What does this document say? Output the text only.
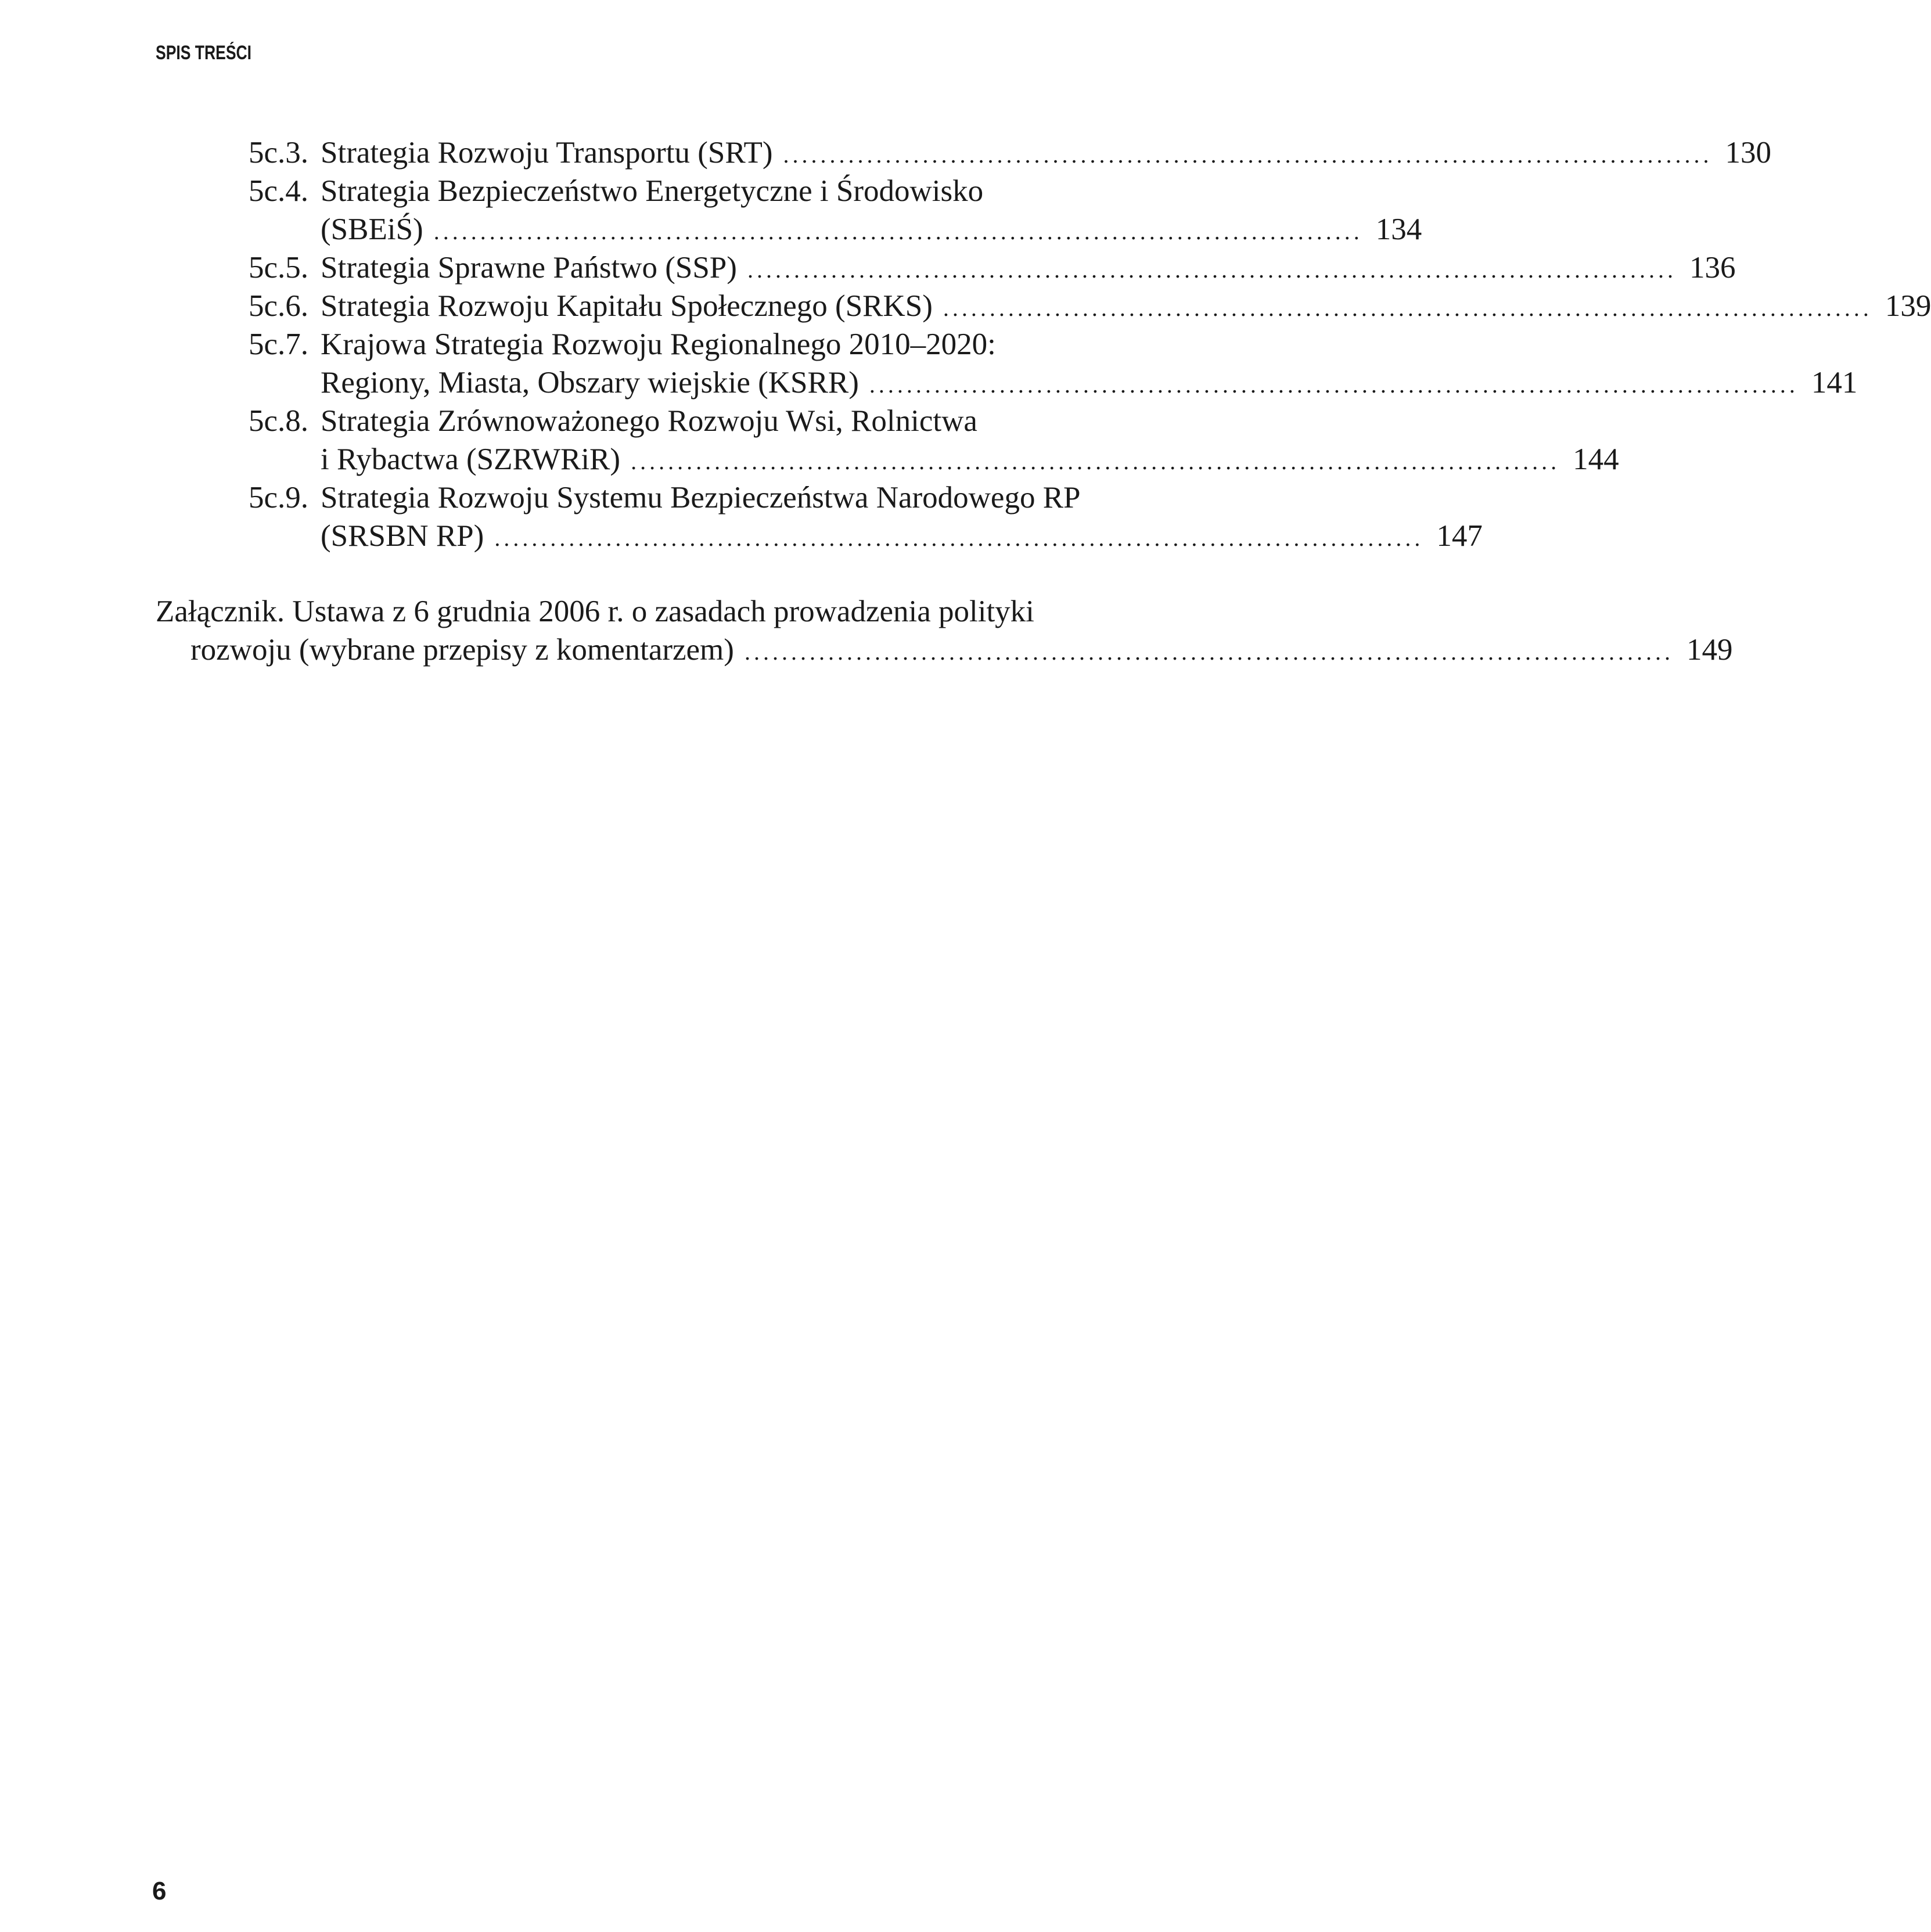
SPIS TREŚCI
5c.3. Strategia Rozwoju Transportu (SRT) .................................................................................................... 130
5c.4. Strategia Bezpieczeństwo Energetyczne i Środowisko
(SBEiŚ) .................................................................................................... 134
5c.5. Strategia Sprawne Państwo (SSP) .................................................................................................... 136
5c.6. Strategia Rozwoju Kapitału Społecznego (SRKS) .................................................................................................... 139
5c.7. Krajowa Strategia Rozwoju Regionalnego 2010–2020:
Regiony, Miasta, Obszary wiejskie (KSRR) .................................................................................................... 141
5c.8. Strategia Zrównoważonego Rozwoju Wsi, Rolnictwa
i Rybactwa (SZRWRiR) .................................................................................................... 144
5c.9. Strategia Rozwoju Systemu Bezpieczeństwa Narodowego RP
(SRSBN RP) .................................................................................................... 147
Załącznik. Ustawa z 6 grudnia 2006 r. o zasadach prowadzenia polityki
rozwoju (wybrane przepisy z komentarzem) .................................................................................................... 149
6
